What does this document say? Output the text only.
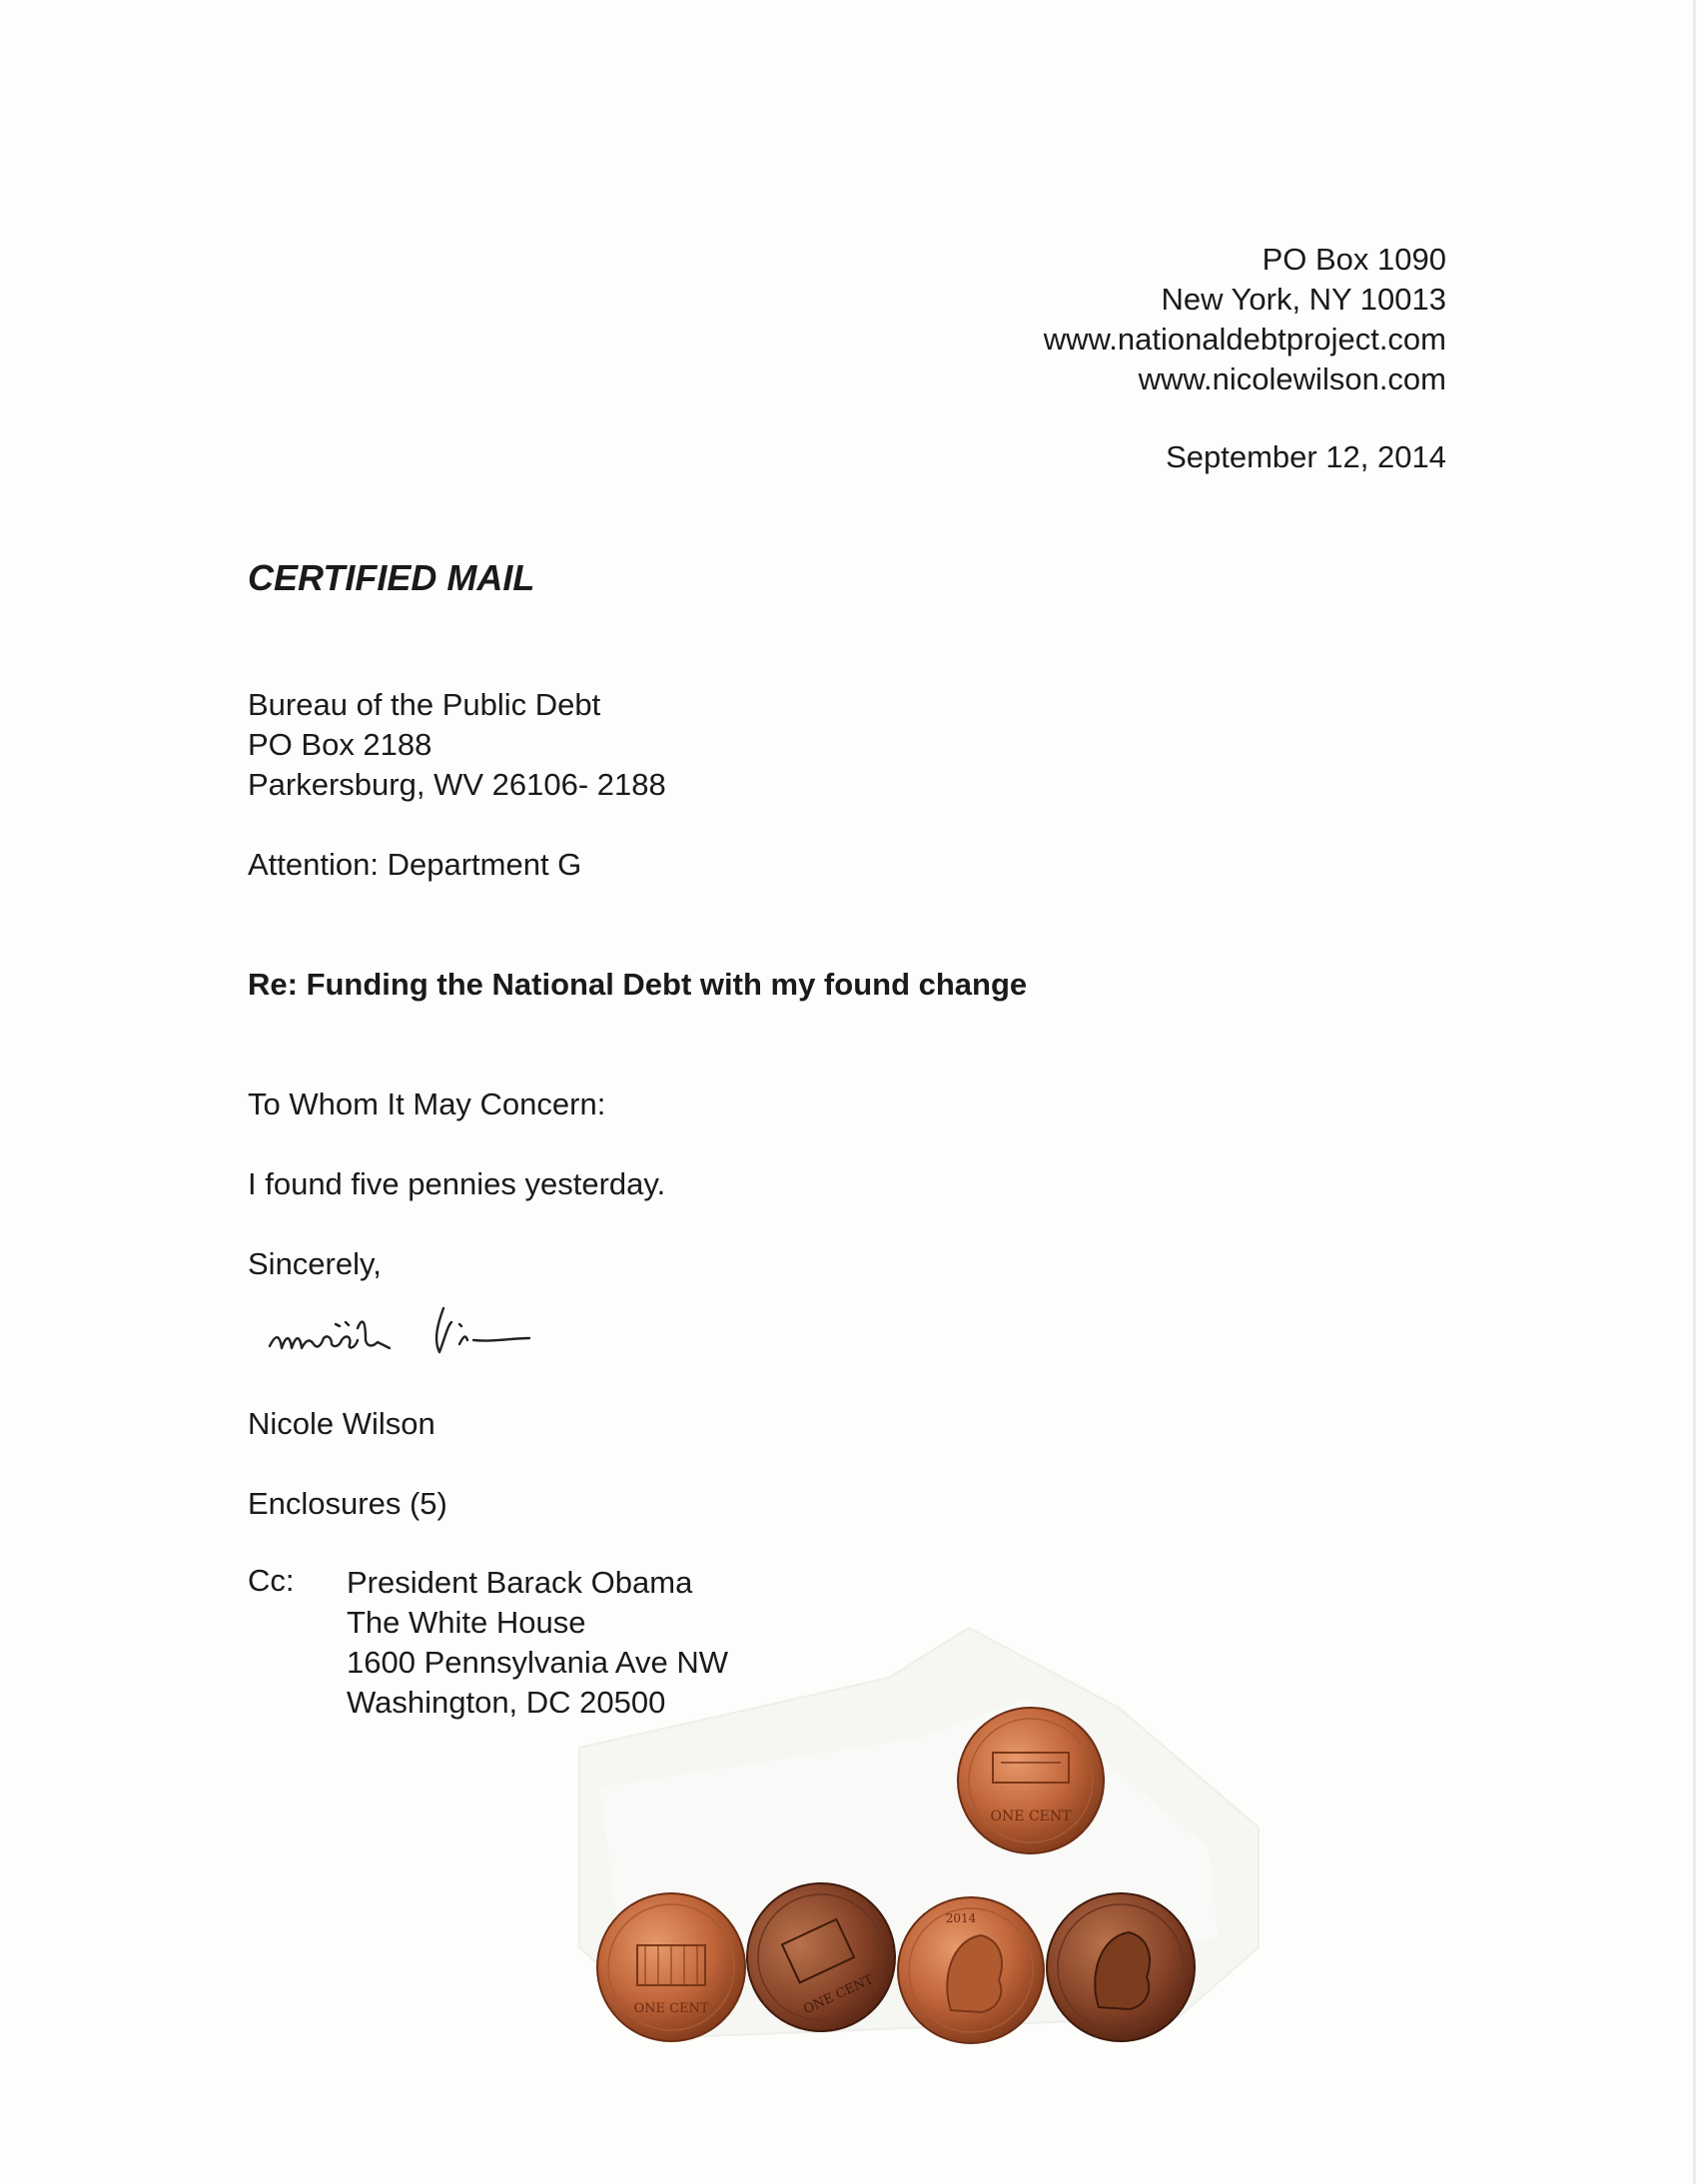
PO Box 1090
New York, NY 10013
www.nationaldebtproject.com
www.nicolewilson.com
September 12, 2014
CERTIFIED MAIL
Bureau of the Public Debt
PO Box 2188
Parkersburg, WV 26106- 2188
Attention: Department G
Re: Funding the National Debt with my found change
To Whom It May Concern:
I found five pennies yesterday.
Sincerely,
Nicole Wilson
Enclosures (5)
Cc: President Barack Obama
The White House
1600 Pennsylvania Ave NW
Washington, DC 20500
ONE CENT
ONE CENT	ONE CENT
2014
